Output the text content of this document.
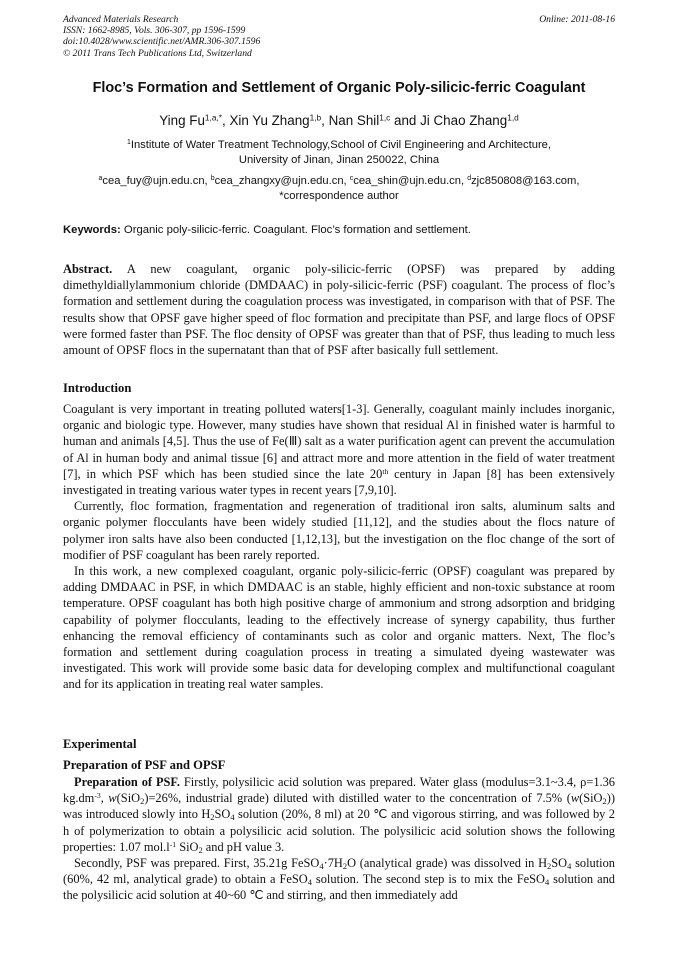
Advanced Materials Research
ISSN: 1662-8985, Vols. 306-307, pp 1596-1599
doi:10.4028/www.scientific.net/AMR.306-307.1596
© 2011 Trans Tech Publications Ltd, Switzerland
Online: 2011-08-16
Floc’s Formation and Settlement of Organic Poly-silicic-ferric Coagulant
Ying $Fu^{1,a,*}$, Xin Yu Zhang$^{1,b}$, Nan Shil$^{1,c}$ and Ji Chao Zhang$^{1,d}$
$^1$Institute of Water Treatment Technology,School of Civil Engineering and Architecture,
University of Jinan, Jinan 250022, China
$^a$cea_fuy@ujn.edu.cn, $^b$cea_zhangxy@ujn.edu.cn, $^c$cea_shin@ujn.edu.cn, $^d$zjc850808@163.com,
*correspondence author
Keywords: Organic poly-silicic-ferric. Coagulant. Floc’s formation and settlement.

Abstract. A new coagulant, organic poly-silicic-ferric (OPSF) was prepared by adding dimethyldiallylammonium chloride (DMDAAC) in poly-silicic-ferric (PSF) coagulant. The process of floc’s formation and settlement during the coagulation process was investigated, in comparison with that of PSF. The results show that OPSF gave higher speed of floc formation and precipitate than PSF, and large flocs of OPSF were formed faster than PSF. The floc density of OPSF was greater than that of PSF, thus leading to much less amount of OPSF flocs in the supernatant than that of PSF after basically full settlement.

Introduction

Coagulant is very important in treating polluted waters[1-3]. Generally, coagulant mainly includes inorganic, organic and biologic type. However, many studies have shown that residual Al in finished water is harmful to human and animals [4,5]. Thus the use of Fe(Ⅲ) salt as a water purification agent can prevent the accumulation of Al in human body and animal tissue [6] and attract more and more attention in the field of water treatment [7], in which PSF which has been studied since the late 20th century in Japan [8] has been extensively investigated in treating various water types in recent years [7,9,10].

Currently, floc formation, fragmentation and regeneration of traditional iron salts, aluminum salts and organic polymer flocculants have been widely studied [11,12], and the studies about the flocs nature of polymer iron salts have also been conducted [1,12,13], but the investigation on the floc change of the sort of modifier of PSF coagulant has been rarely reported.

In this work, a new complexed coagulant, organic poly-silicic-ferric (OPSF) coagulant was prepared by adding DMDAAC in PSF, in which DMDAAC is an stable, highly efficient and non-toxic substance at room temperature. OPSF coagulant has both high positive charge of ammonium and strong adsorption and bridging capability of polymer flocculants, leading to the effectively increase of synergy capability, thus further enhancing the removal efficiency of contaminants such as color and organic matters. Next, The floc’s formation and settlement during coagulation process in treating a simulated dyeing wastewater was investigated. This work will provide some basic data for developing complex and multifunctional coagulant and for its application in treating real water samples.

Experimental
Preparation of PSF and OPSF

Preparation of PSF. Firstly, polysilicic acid solution was prepared. Water glass (modulus=3.1~3.4, ρ=1.36 $kg.dm^{-3}$, w(SiO$_2$)=26%, industrial grade) diluted with distilled water to the concentration of 7.5% (w(SiO$_2$)) was introduced slowly into $H_2SO_4$ solution (20%, 8 ml) at 20 ℃ and vigorous stirring, and was followed by 2 h of polymerization to obtain a polysilicic acid solution. The polysilicic acid solution shows the following properties: 1.07 $mol.l^{-1}$ SiO$_2$ and pH value 3.

Secondly, PSF was prepared. First, 35.21g $FeSO_4\cdot 7H_2O$ (analytical grade) was dissolved in $H_2SO_4$ solution (60%, 42 ml, analytical grade) to obtain a FeSO$_4$ solution. The second step is to mix the FeSO$_4$ solution and the polysilicic acid solution at 40~60 ℃ and stirring, and then immediately add
